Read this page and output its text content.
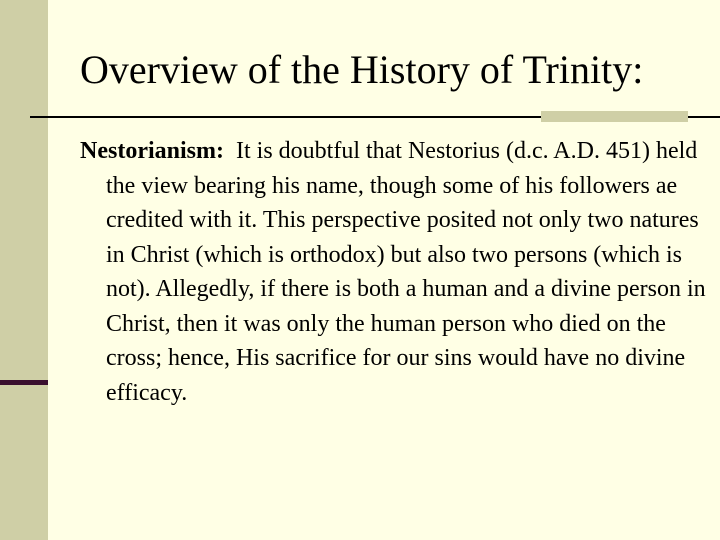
Overview of the History of Trinity:
Nestorianism: It is doubtful that Nestorius (d.c. A.D. 451) held the view bearing his name, though some of his followers ae credited with it. This perspective posited not only two natures in Christ (which is orthodox) but also two persons (which is not). Allegedly, if there is both a human and a divine person in Christ, then it was only the human person who died on the cross; hence, His sacrifice for our sins would have no divine efficacy.
